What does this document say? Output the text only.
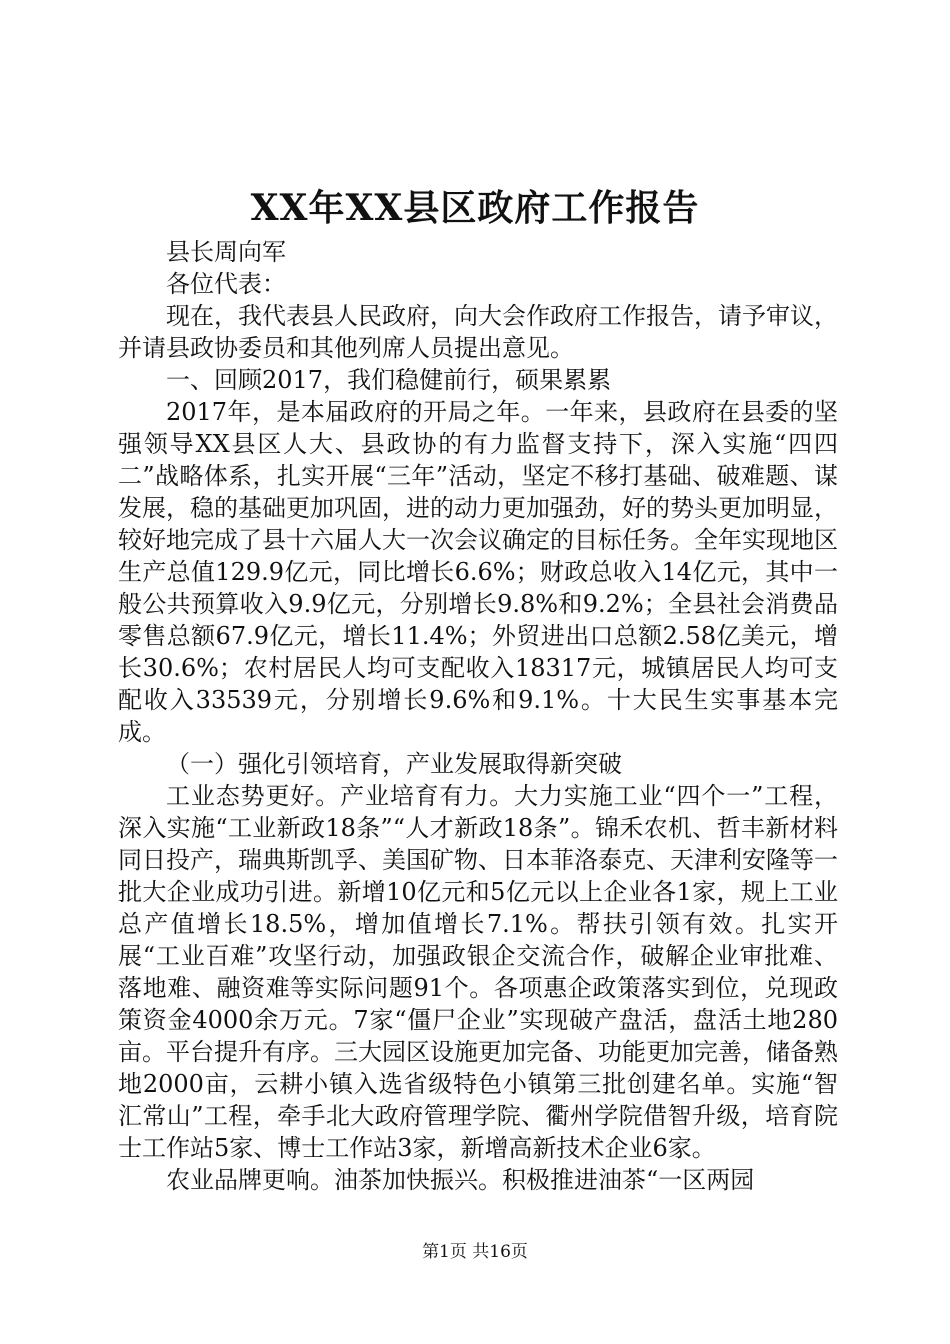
XX年XX县区政府工作报告

县长周向军

各位代表：

现在，我代表县人民政府，向大会作政府工作报告，请予审议，并请县政协委员和其他列席人员提出意见。

一、回顾2017，我们稳健前行，硕果累累

2017年，是本届政府的开局之年。一年来，县政府在县委的坚强领导XX县区人大、县政协的有力监督支持下，深入实施“四四二”战略体系，扎实开展“三年”活动，坚定不移打基础、破难题、谋发展，稳的基础更加巩固，进的动力更加强劲，好的势头更加明显，较好地完成了县十六届人大一次会议确定的目标任务。全年实现地区生产总值129.9亿元，同比增长6.6%；财政总收入14亿元，其中一般公共预算收入9.9亿元，分别增长9.8%和9.2%；全县社会消费品零售总额67.9亿元，增长11.4%；外贸进出口总额2.58亿美元，增长30.6%；农村居民人均可支配收入18317元，城镇居民人均可支配收入33539元，分别增长9.6%和9.1%。十大民生实事基本完成。

（一）强化引领培育，产业发展取得新突破

工业态势更好。产业培育有力。大力实施工业“四个一”工程，深入实施“工业新政18条”“人才新政18条”。锦禾农机、哲丰新材料同日投产，瑞典斯凯孚、美国矿物、日本菲洛泰克、天津利安隆等一批大企业成功引进。新增10亿元和5亿元以上企业各1家，规上工业总产值增长18.5%，增加值增长7.1%。帮扶引领有效。扎实开展“工业百难”攻坚行动，加强政银企交流合作，破解企业审批难、落地难、融资难等实际问题91个。各项惠企政策落实到位，兑现政策资金4000余万元。7家“僵尸企业”实现破产盘活，盘活土地280亩。平台提升有序。三大园区设施更加完备、功能更加完善，储备熟地2000亩，云耕小镇入选省级特色小镇第三批创建名单。实施“智汇常山”工程，牵手北大政府管理学院、衢州学院借智升级，培育院士工作站5家、博士工作站3家，新增高新技术企业6家。

农业品牌更响。油茶加快振兴。积极推进油茶“一区两园

第1页 共16页
